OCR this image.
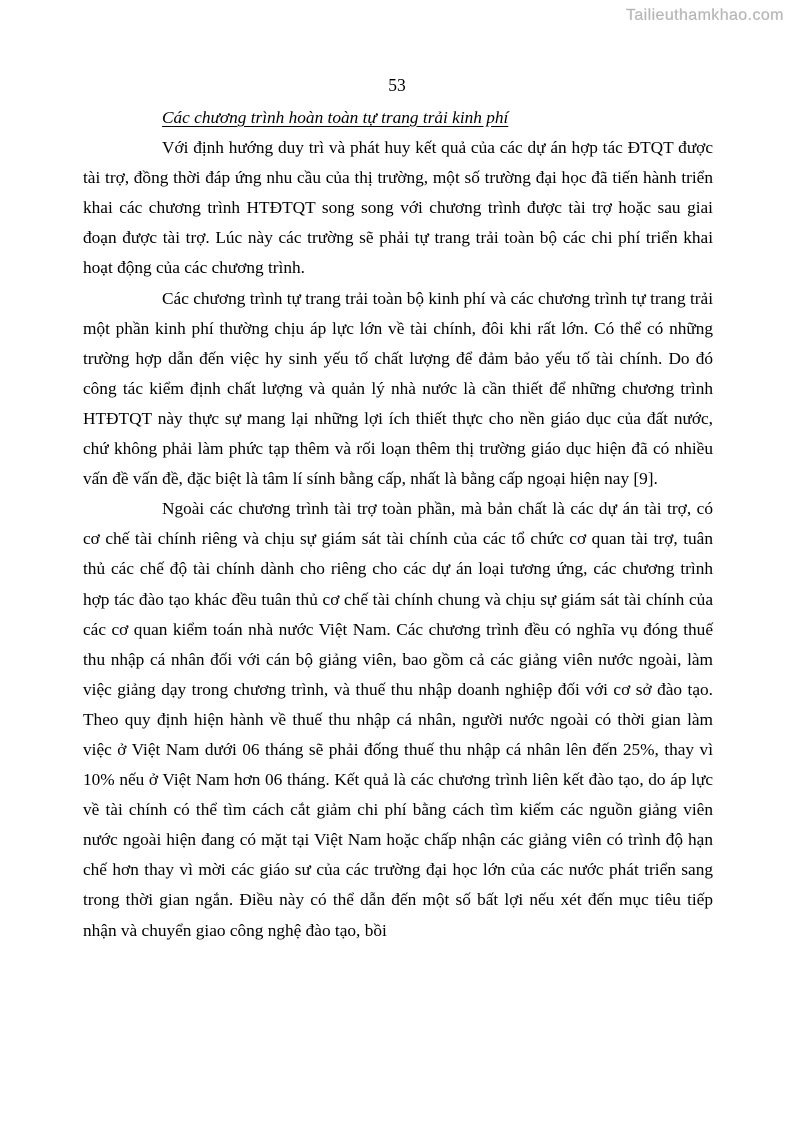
Tailieuthamkhao.com
53

Các chương trình hoàn toàn tự trang trải kinh phí

Với định hướng duy trì và phát huy kết quả của các dự án hợp tác ĐTQT được tài trợ, đồng thời đáp ứng nhu cầu của thị trường, một số trường đại học đã tiến hành triển khai các chương trình HTĐTQT song song với chương trình được tài trợ hoặc sau giai đoạn được tài trợ. Lúc này các trường sẽ phải tự trang trải toàn bộ các chi phí triển khai hoạt động của các chương trình.

Các chương trình tự trang trải toàn bộ kinh phí và các chương trình tự trang trải một phần kinh phí thường chịu áp lực lớn về tài chính, đôi khi rất lớn. Có thể có những trường hợp dẫn đến việc hy sinh yếu tố chất lượng để đảm bảo yếu tố tài chính. Do đó công tác kiểm định chất lượng và quản lý nhà nước là cần thiết để những chương trình HTĐTQT này thực sự mang lại những lợi ích thiết thực cho nền giáo dục của đất nước, chứ không phải làm phức tạp thêm và rối loạn thêm thị trường giáo dục hiện đã có nhiều vấn đề vấn đề, đặc biệt là tâm lí sính bằng cấp, nhất là bằng cấp ngoại hiện nay [9].

Ngoài các chương trình tài trợ toàn phần, mà bản chất là các dự án tài trợ, có cơ chế tài chính riêng và chịu sự giám sát tài chính của các tổ chức cơ quan tài trợ, tuân thủ các chế độ tài chính dành cho riêng cho các dự án loại tương ứng, các chương trình hợp tác đào tạo khác đều tuân thủ cơ chế tài chính chung và chịu sự giám sát tài chính của các cơ quan kiểm toán nhà nước Việt Nam. Các chương trình đều có nghĩa vụ đóng thuế thu nhập cá nhân đối với cán bộ giảng viên, bao gồm cả các giảng viên nước ngoài, làm việc giảng dạy trong chương trình, và thuế thu nhập doanh nghiệp đối với cơ sở đào tạo. Theo quy định hiện hành về thuế thu nhập cá nhân, người nước ngoài có thời gian làm việc ở Việt Nam dưới 06 tháng sẽ phải đống thuế thu nhập cá nhân lên đến 25%, thay vì 10% nếu ở Việt Nam hơn 06 tháng. Kết quả là các chương trình liên kết đào tạo, do áp lực về tài chính có thể tìm cách cắt giảm chi phí bằng cách tìm kiếm các nguồn giảng viên nước ngoài hiện đang có mặt tại Việt Nam hoặc chấp nhận các giảng viên có trình độ hạn chế hơn thay vì mời các giáo sư của các trường đại học lớn của các nước phát triển sang trong thời gian ngắn. Điều này có thể dẫn đến một số bất lợi nếu xét đến mục tiêu tiếp nhận và chuyển giao công nghệ đào tạo, bồi
